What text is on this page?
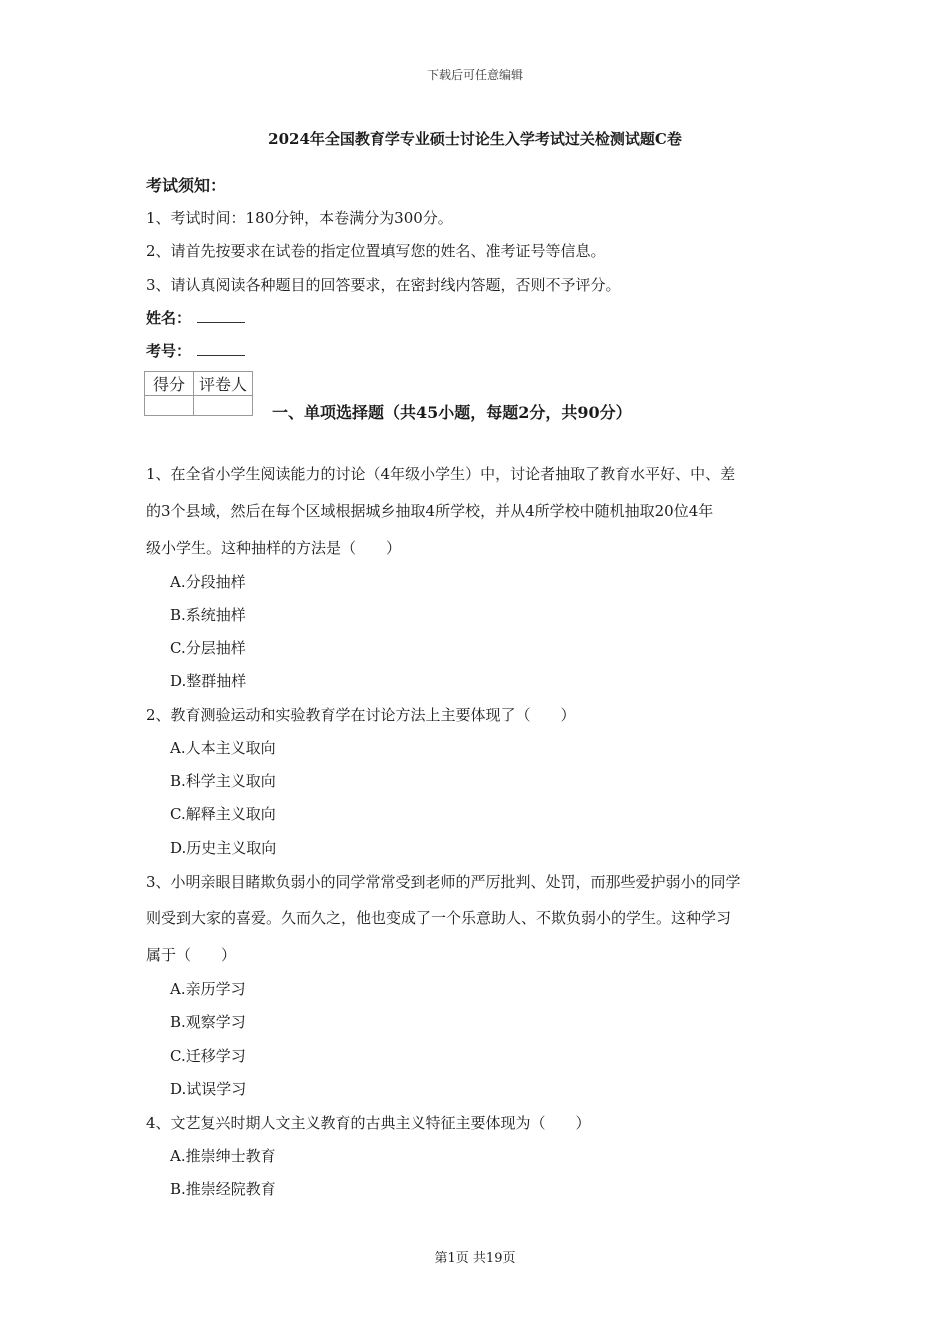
下载后可任意编辑
2024年全国教育学专业硕士讨论生入学考试过关检测试题C卷
考试须知：
1、考试时间：180分钟，本卷满分为300分。
2、请首先按要求在试卷的指定位置填写您的姓名、准考证号等信息。
3、请认真阅读各种题目的回答要求，在密封线内答题，否则不予评分。
姓名：
考号：
得分	评卷人

一、单项选择题（共45小题，每题2分，共90分）
1、在全省小学生阅读能力的讨论（4年级小学生）中，讨论者抽取了教育水平好、中、差
的3个县域，然后在每个区域根据城乡抽取4所学校，并从4所学校中随机抽取20位4年
级小学生。这种抽样的方法是（　　）
A.分段抽样
B.系统抽样
C.分层抽样
D.整群抽样
2、教育测验运动和实验教育学在讨论方法上主要体现了（　　）
A.人本主义取向
B.科学主义取向
C.解释主义取向
D.历史主义取向
3、小明亲眼目睹欺负弱小的同学常常受到老师的严厉批判、处罚，而那些爱护弱小的同学
则受到大家的喜爱。久而久之，他也变成了一个乐意助人、不欺负弱小的学生。这种学习
属于（　　）
A.亲历学习
B.观察学习
C.迁移学习
D.试误学习
4、文艺复兴时期人文主义教育的古典主义特征主要体现为（　　）
A.推崇绅士教育
B.推崇经院教育
第1页 共19页
